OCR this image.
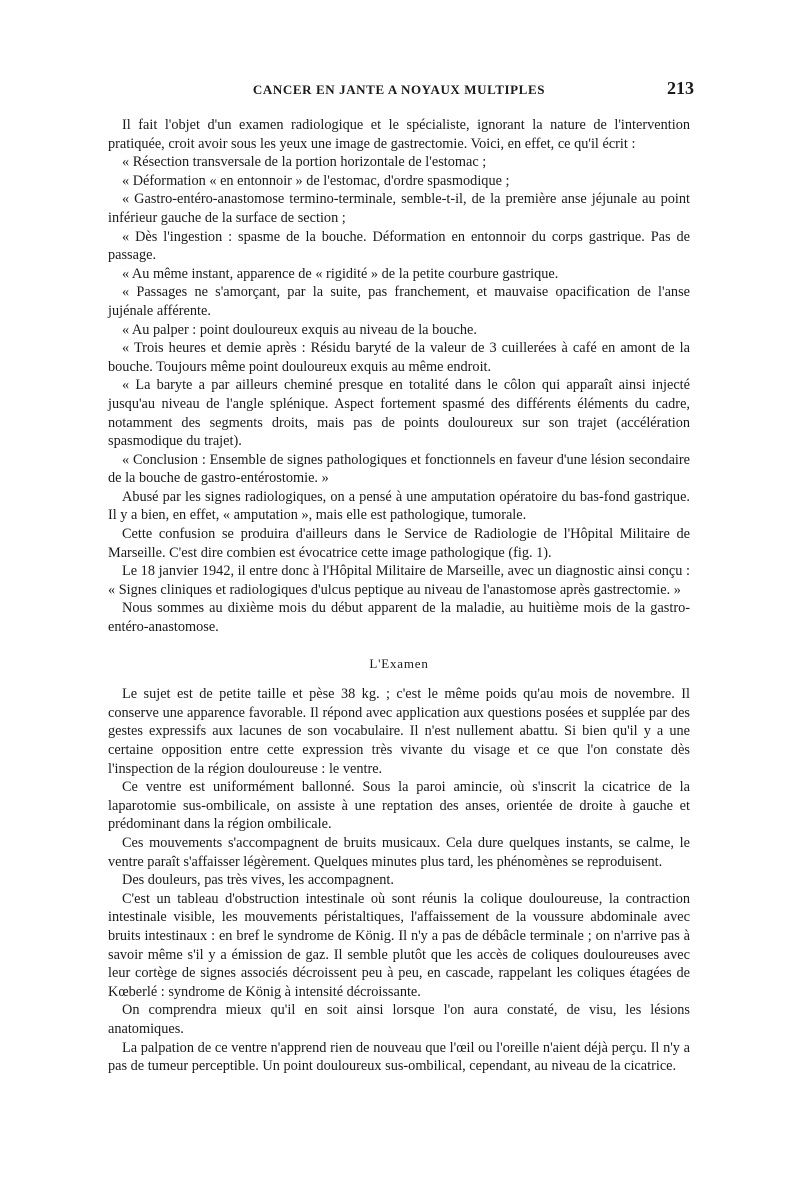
CANCER EN JANTE A NOYAUX MULTIPLES	213

Il fait l'objet d'un examen radiologique et le spécialiste, ignorant la nature de l'intervention pratiquée, croit avoir sous les yeux une image de gastrectomie. Voici, en effet, ce qu'il écrit :

« Résection transversale de la portion horizontale de l'estomac ;

« Déformation « en entonnoir » de l'estomac, d'ordre spasmodique ;

« Gastro-entéro-anastomose termino-terminale, semble-t-il, de la première anse jéjunale au point inférieur gauche de la surface de section ;

« Dès l'ingestion : spasme de la bouche. Déformation en entonnoir du corps gastrique. Pas de passage.

« Au même instant, apparence de « rigidité » de la petite courbure gastrique.

« Passages ne s'amorçant, par la suite, pas franchement, et mauvaise opacification de l'anse jujénale afférente.

« Au palper : point douloureux exquis au niveau de la bouche.

« Trois heures et demie après : Résidu baryté de la valeur de 3 cuillerées à café en amont de la bouche. Toujours même point douloureux exquis au même endroit.

« La baryte a par ailleurs cheminé presque en totalité dans le côlon qui apparaît ainsi injecté jusqu'au niveau de l'angle splénique. Aspect fortement spasmé des différents éléments du cadre, notamment des segments droits, mais pas de points douloureux sur son trajet (accélération spasmodique du trajet).

« Conclusion : Ensemble de signes pathologiques et fonctionnels en faveur d'une lésion secondaire de la bouche de gastro-entérostomie. »

Abusé par les signes radiologiques, on a pensé à une amputation opératoire du bas-fond gastrique. Il y a bien, en effet, « amputation », mais elle est pathologique, tumorale.

Cette confusion se produira d'ailleurs dans le Service de Radiologie de l'Hôpital Militaire de Marseille. C'est dire combien est évocatrice cette image pathologique (fig. 1).

Le 18 janvier 1942, il entre donc à l'Hôpital Militaire de Marseille, avec un diagnostic ainsi conçu : « Signes cliniques et radiologiques d'ulcus peptique au niveau de l'anastomose après gastrectomie. »

Nous sommes au dixième mois du début apparent de la maladie, au huitième mois de la gastro-entéro-anastomose.

L'Examen

Le sujet est de petite taille et pèse 38 kg. ; c'est le même poids qu'au mois de novembre. Il conserve une apparence favorable. Il répond avec application aux questions posées et supplée par des gestes expressifs aux lacunes de son vocabulaire. Il n'est nullement abattu. Si bien qu'il y a une certaine opposition entre cette expression très vivante du visage et ce que l'on constate dès l'inspection de la région douloureuse : le ventre.

Ce ventre est uniformément ballonné. Sous la paroi amincie, où s'inscrit la cicatrice de la laparotomie sus-ombilicale, on assiste à une reptation des anses, orientée de droite à gauche et prédominant dans la région ombilicale.

Ces mouvements s'accompagnent de bruits musicaux. Cela dure quelques instants, se calme, le ventre paraît s'affaisser légèrement. Quelques minutes plus tard, les phénomènes se reproduisent.

Des douleurs, pas très vives, les accompagnent.

C'est un tableau d'obstruction intestinale où sont réunis la colique douloureuse, la contraction intestinale visible, les mouvements péristaltiques, l'affaissement de la voussure abdominale avec bruits intestinaux : en bref le syndrome de König. Il n'y a pas de débâcle terminale ; on n'arrive pas à savoir même s'il y a émission de gaz. Il semble plutôt que les accès de coliques douloureuses avec leur cortège de signes associés décroissent peu à peu, en cascade, rappelant les coliques étagées de Kœberlé : syndrome de König à intensité décroissante.

On comprendra mieux qu'il en soit ainsi lorsque l'on aura constaté, de visu, les lésions anatomiques.

La palpation de ce ventre n'apprend rien de nouveau que l'œil ou l'oreille n'aient déjà perçu. Il n'y a pas de tumeur perceptible. Un point douloureux sus-ombilical, cependant, au niveau de la cicatrice.
